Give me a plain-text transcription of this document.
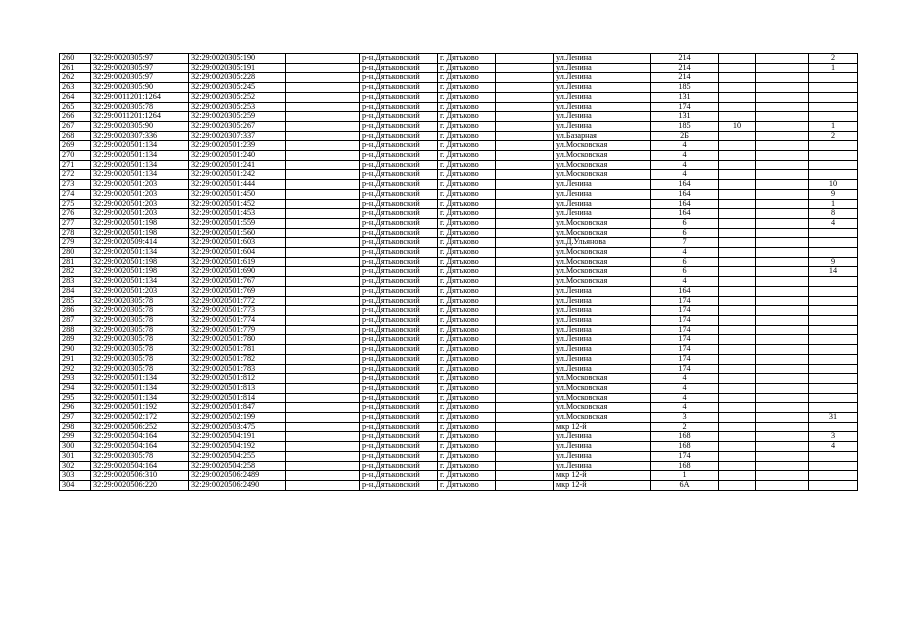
260	32:29:0020305:97	32:29:0020305:190		р-н.Дятьковский	г. Дятьково		ул.Ленина	214			2
261	32:29:0020305:97	32:29:0020305:191		р-н.Дятьковский	г. Дятьково		ул.Ленина	214			1
262	32:29:0020305:97	32:29:0020305:228		р-н.Дятьковский	г. Дятьково		ул.Ленина	214			
263	32:29:0020305:90	32:29:0020305:245		р-н.Дятьковский	г. Дятьково		ул.Ленина	185			
264	32:29:0011201:1264	32:29:0020305:252		р-н.Дятьковский	г. Дятьково		ул.Ленина	131			
265	32:29:0020305:78	32:29:0020305:253		р-н.Дятьковский	г. Дятьково		ул.Ленина	174			
266	32:29:0011201:1264	32:29:0020305:259		р-н.Дятьковский	г. Дятьково		ул.Ленина	131			
267	32:29:0020305:90	32:29:0020305:267		р-н.Дятьковский	г. Дятьково		ул.Ленина	185	10		1
268	32:29:0020307:336	32:29:0020307:337		р-н.Дятьковский	г. Дятьково		ул.Базарная	2Б			2
269	32:29:0020501:134	32:29:0020501:239		р-н.Дятьковский	г. Дятьково		ул.Московская	4			
270	32:29:0020501:134	32:29:0020501:240		р-н.Дятьковский	г. Дятьково		ул.Московская	4			
271	32:29:0020501:134	32:29:0020501:241		р-н.Дятьковский	г. Дятьково		ул.Московская	4			
272	32:29:0020501:134	32:29:0020501:242		р-н.Дятьковский	г. Дятьково		ул.Московская	4			
273	32:29:0020501:203	32:29:0020501:444		р-н.Дятьковский	г. Дятьково		ул.Ленина	164			10
274	32:29:0020501:203	32:29:0020501:450		р-н.Дятьковский	г. Дятьково		ул.Ленина	164			9
275	32:29:0020501:203	32:29:0020501:452		р-н.Дятьковский	г. Дятьково		ул.Ленина	164			1
276	32:29:0020501:203	32:29:0020501:453		р-н.Дятьковский	г. Дятьково		ул.Ленина	164			8
277	32:29:0020501:198	32:29:0020501:559		р-н.Дятьковский	г. Дятьково		ул.Московская	6			4
278	32:29:0020501:198	32:29:0020501:560		р-н.Дятьковский	г. Дятьково		ул.Московская	6			
279	32:29:0020509:414	32:29:0020501:603		р-н.Дятьковский	г. Дятьково		ул.Д.Ульянова	7			
280	32:29:0020501:134	32:29:0020501:604		р-н.Дятьковский	г. Дятьково		ул.Московская	4			
281	32:29:0020501:198	32:29:0020501:619		р-н.Дятьковский	г. Дятьково		ул.Московская	6			9
282	32:29:0020501:198	32:29:0020501:690		р-н.Дятьковский	г. Дятьково		ул.Московская	6			14
283	32:29:0020501:134	32:29:0020501:767		р-н.Дятьковский	г. Дятьково		ул.Московская	4			
284	32:29:0020501:203	32:29:0020501:769		р-н.Дятьковский	г. Дятьково		ул.Ленина	164			
285	32:29:0020305:78	32:29:0020501:772		р-н.Дятьковский	г. Дятьково		ул.Ленина	174			
286	32:29:0020305:78	32:29:0020501:773		р-н.Дятьковский	г. Дятьково		ул.Ленина	174			
287	32:29:0020305:78	32:29:0020501:774		р-н.Дятьковский	г. Дятьково		ул.Ленина	174			
288	32:29:0020305:78	32:29:0020501:779		р-н.Дятьковский	г. Дятьково		ул.Ленина	174			
289	32:29:0020305:78	32:29:0020501:780		р-н.Дятьковский	г. Дятьково		ул.Ленина	174			
290	32:29:0020305:78	32:29:0020501:781		р-н.Дятьковский	г. Дятьково		ул.Ленина	174			
291	32:29:0020305:78	32:29:0020501:782		р-н.Дятьковский	г. Дятьково		ул.Ленина	174			
292	32:29:0020305:78	32:29:0020501:783		р-н.Дятьковский	г. Дятьково		ул.Ленина	174			
293	32:29:0020501:134	32:29:0020501:812		р-н.Дятьковский	г. Дятьково		ул.Московская	4			
294	32:29:0020501:134	32:29:0020501:813		р-н.Дятьковский	г. Дятьково		ул.Московская	4			
295	32:29:0020501:134	32:29:0020501:814		р-н.Дятьковский	г. Дятьково		ул.Московская	4			
296	32:29:0020501:192	32:29:0020501:847		р-н.Дятьковский	г. Дятьково		ул.Московская	4			
297	32:29:0020502:172	32:29:0020502:199		р-н.Дятьковский	г. Дятьково		ул.Московская	3			31
298	32:29:0020506:252	32:29:0020503:475		р-н.Дятьковский	г. Дятьково		мкр 12-й	2			
299	32:29:0020504:164	32:29:0020504:191		р-н.Дятьковский	г. Дятьково		ул.Ленина	168			3
300	32:29:0020504:164	32:29:0020504:192		р-н.Дятьковский	г. Дятьково		ул.Ленина	168			4
301	32:29:0020305:78	32:29:0020504:255		р-н.Дятьковский	г. Дятьково		ул.Ленина	174			
302	32:29:0020504:164	32:29:0020504:258		р-н.Дятьковский	г. Дятьково		ул.Ленина	168			
303	32:29:0020506:310	32:29:0020506:2489		р-н.Дятьковский	г. Дятьково		мкр 12-й	1			
304	32:29:0020506:220	32:29:0020506:2490		р-н.Дятьковский	г. Дятьково		мкр 12-й	6А			
